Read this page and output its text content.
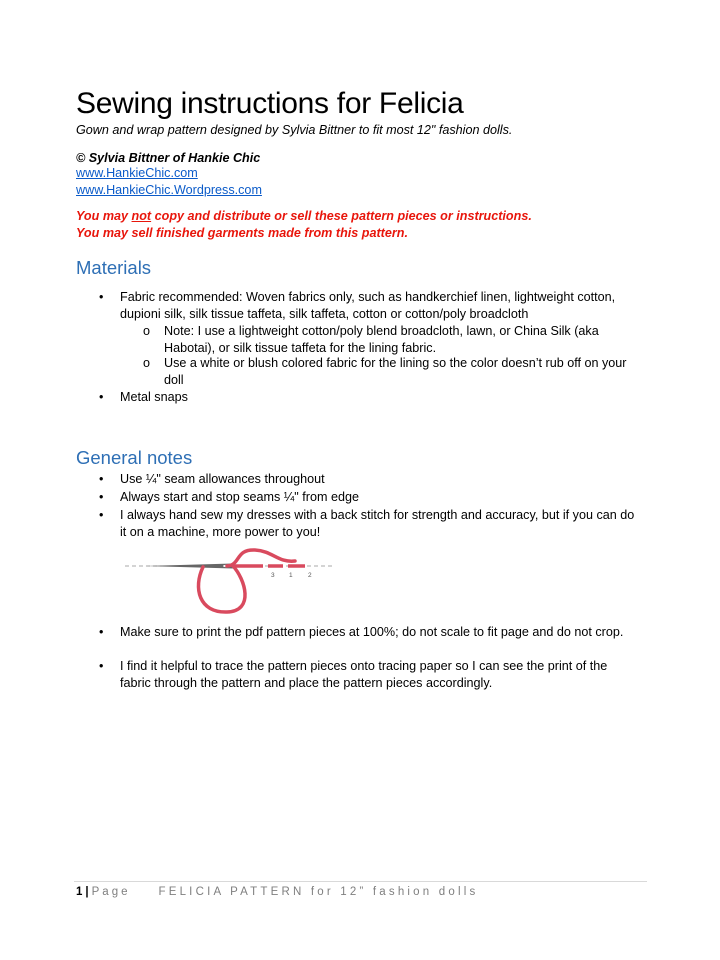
Sewing instructions for Felicia
Gown and wrap pattern designed by Sylvia Bittner to fit most 12" fashion dolls.
© Sylvia Bittner of Hankie Chic
www.HankieChic.com
www.HankieChic.Wordpress.com
You may not copy and distribute or sell these pattern pieces or instructions.
You may sell finished garments made from this pattern.
Materials
• Fabric recommended: Woven fabrics only, such as handkerchief linen, lightweight cotton, dupioni silk, silk tissue taffeta, silk taffeta, cotton or cotton/poly broadcloth
o Note: I use a lightweight cotton/poly blend broadcloth, lawn, or China Silk (aka Habotai), or silk tissue taffeta for the lining fabric.
o Use a white or blush colored fabric for the lining so the color doesn’t rub off on your doll
• Metal snaps
General notes
• Use ¼" seam allowances throughout
• Always start and stop seams ¼" from edge
• I always hand sew my dresses with a back stitch for strength and accuracy, but if you can do it on a machine, more power to you!
3 1 2
• Make sure to print the pdf pattern pieces at 100%; do not scale to fit page and do not crop.
• I find it helpful to trace the pattern pieces onto tracing paper so I can see the print of the fabric through the pattern and place the pattern pieces accordingly.
1 | Page FELICIA PATTERN for 12” fashion dolls
